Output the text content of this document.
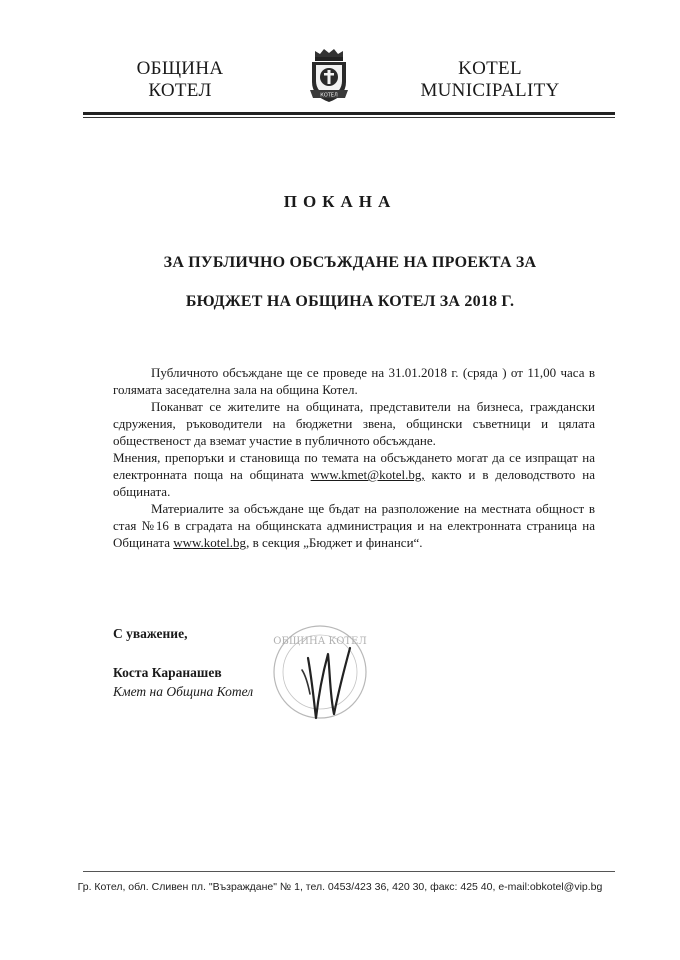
ОБЩИНА
КОТЕЛ	КОТЕЛ
KOTEL
MUNICIPALITY
ПОКАНА
ЗА ПУБЛИЧНО ОБСЪЖДАНЕ НА ПРОЕКТА ЗА
БЮДЖЕТ НА ОБЩИНА КОТЕЛ ЗА 2018 Г.

Публичното обсъждане ще се проведе на 31.01.2018 г. (сряда ) от 11,00 часа в голямата заседателна зала на община Котел.

Поканват се жителите на общината, представители на бизнеса, граждански сдружения, ръководители на бюджетни звена, общински съветници и цялата общественост да вземат участие в публичното обсъждане.

Мнения, препоръки и становища по темата на обсъждането могат да се изпращат на електронната поща на общината www.kmet@kotel.bg, както и в деловодството на общината.

Материалите за обсъждане ще бъдат на разположение на местната общност в стая №16 в сградата на общинската администрация и на електронната страница на Общината www.kotel.bg, в секция „Бюджет и финанси“.

С уважение,
ОБЩИНА КОТЕЛ
Коста Каранашев
Кмет на Община Котел
Гр. Котел, обл. Сливен пл. "Възраждане" № 1, тел. 0453/423 36, 420 30, факс: 425 40, e-mail:obkotel@vip.bg
